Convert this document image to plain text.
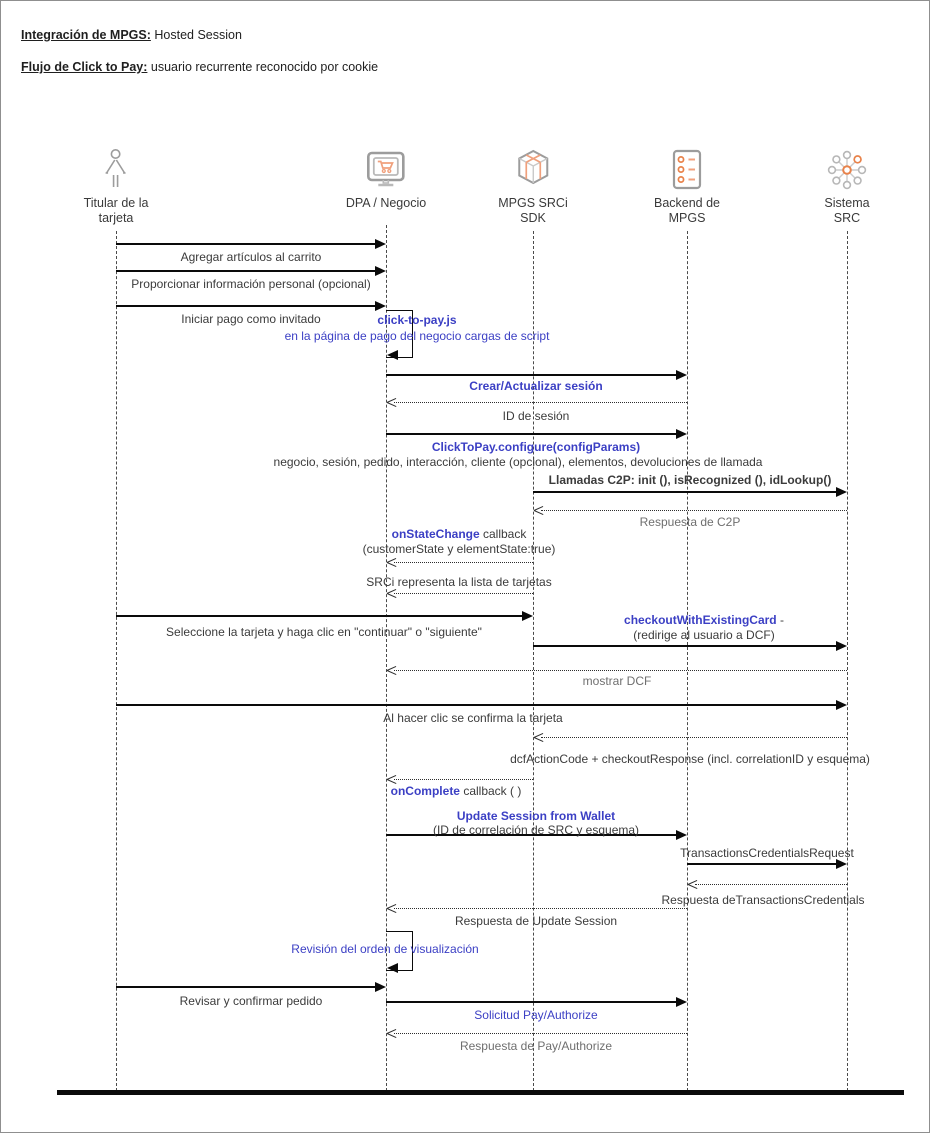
Integración de MPGS: Hosted Session
Flujo de Click to Pay: usuario recurrente reconocido por cookie
Titular de la
tarjeta
DPA / Negocio	MPGS SRCi
SDK
Backend de
MPGS
Sistema
SRC
Agregar artículos al carrito
Proporcionar información personal (opcional)
Iniciar pago como invitado	click-to-pay.js
en la página de pago del negocio cargas de script
Crear/Actualizar sesión
ID de sesión
ClickToPay.configure(configParams)
negocio, sesión, pedido, interacción, cliente (opcional), elementos, devoluciones de llamada
Llamadas C2P: init (), isRecognized (), idLookup()
Respuesta de C2P
onStateChange callback
(customerState y elementState:true)
SRCi representa la lista de tarjetas
Seleccione la tarjeta y haga clic en "continuar" o "siguiente"
checkoutWithExistingCard -
(redirige al usuario a DCF)
mostrar DCF
Al hacer clic se confirma la tarjeta
dcfActionCode + checkoutResponse (incl. correlationID y esquema)
onComplete callback ( )
Update Session from Wallet
(ID de correlación de SRC y esquema)
TransactionsCredentialsRequest
Respuesta deTransactionsCredentials
Respuesta de Update Session
Revisión del orden de visualización
Revisar y confirmar pedido
Solicitud Pay/Authorize
Respuesta de Pay/Authorize
